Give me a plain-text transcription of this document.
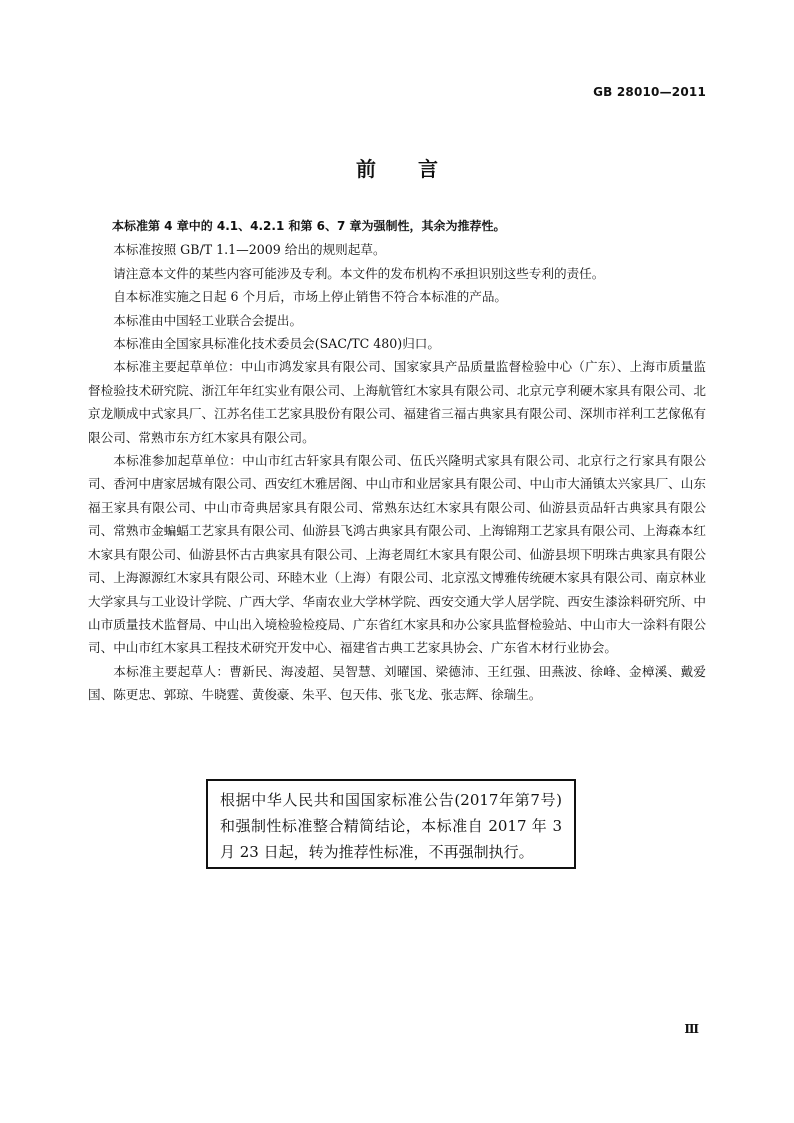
GB 28010—2011
前言

本标准第 4 章中的 4.1、4.2.1 和第 6、7 章为强制性，其余为推荐性。

本标准按照 GB/T 1.1—2009 给出的规则起草。

请注意本文件的某些内容可能涉及专利。本文件的发布机构不承担识别这些专利的责任。

自本标准实施之日起 6 个月后，市场上停止销售不符合本标准的产品。

本标准由中国轻工业联合会提出。

本标准由全国家具标准化技术委员会(SAC/TC 480)归口。

本标准主要起草单位：中山市鸿发家具有限公司、国家家具产品质量监督检验中心（广东）、上海市质量监督检验技术研究院、浙江年年红实业有限公司、上海航管红木家具有限公司、北京元亨利硬木家具有限公司、北京龙顺成中式家具厂、江苏名佳工艺家具股份有限公司、福建省三福古典家具有限公司、深圳市祥利工艺傢俬有限公司、常熟市东方红木家具有限公司。

本标准参加起草单位：中山市红古轩家具有限公司、伍氏兴隆明式家具有限公司、北京行之行家具有限公司、香河中唐家居城有限公司、西安红木雅居阁、中山市和业居家具有限公司、中山市大涌镇太兴家具厂、山东福王家具有限公司、中山市奇典居家具有限公司、常熟东达红木家具有限公司、仙游县贡品轩古典家具有限公司、常熟市金蝙蝠工艺家具有限公司、仙游县飞鸿古典家具有限公司、上海锦翔工艺家具有限公司、上海森本红木家具有限公司、仙游县怀古古典家具有限公司、上海老周红木家具有限公司、仙游县坝下明珠古典家具有限公司、上海源源红木家具有限公司、环睦木业（上海）有限公司、北京泓文博雅传统硬木家具有限公司、南京林业大学家具与工业设计学院、广西大学、华南农业大学林学院、西安交通大学人居学院、西安生漆涂料研究所、中山市质量技术监督局、中山出入境检验检疫局、广东省红木家具和办公家具监督检验站、中山市大一涂料有限公司、中山市红木家具工程技术研究开发中心、福建省古典工艺家具协会、广东省木材行业协会。

本标准主要起草人：曹新民、海凌超、吴智慧、刘曜国、梁德沛、王红强、田燕波、徐峰、金樟溪、戴爱国、陈更忠、郭琼、牛晓霆、黄俊豪、朱平、包天伟、张飞龙、张志辉、徐瑞生。

根据中华人民共和国国家标准公告(2017年第7号)和强制性标准整合精简结论，本标准自 2017 年 3 月 23 日起，转为推荐性标准，不再强制执行。
Ⅲ
